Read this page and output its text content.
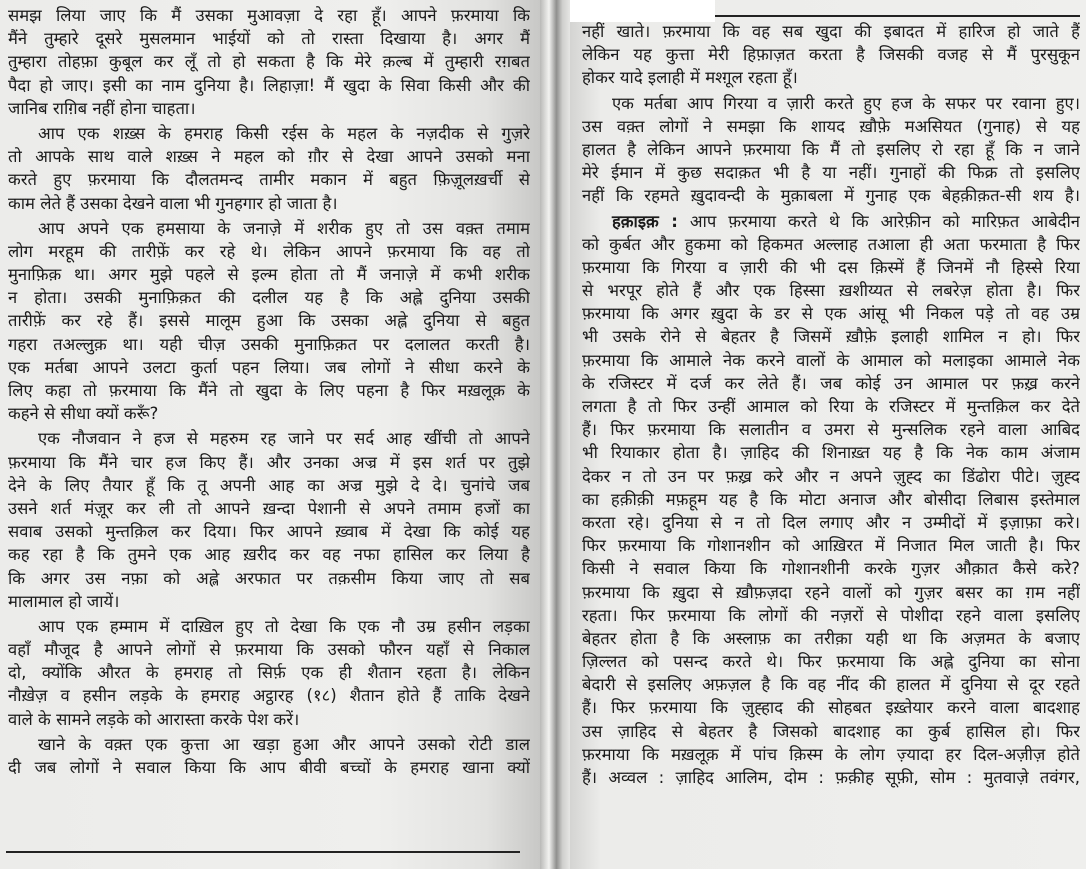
समझ लिया जाए कि मैं उसका मुआवज़ा दे रहा हूँ। आपने फ़रमाया कि
मैंने तुम्हारे दूसरे मुसलमान भाईयों को तो रास्ता दिखाया है। अगर मैं
तुम्हारा तोहफ़ा कुबूल कर लूँ तो हो सकता है कि मेरे क़ल्ब में तुम्हारी रग़बत
पैदा हो जाए। इसी का नाम दुनिया है। लिहाज़ा! मैं खुदा के सिवा किसी और की
जानिब राग़िब नहीं होना चाहता।
आप एक शख़्स के हमराह किसी रईस के महल के नज़दीक से गुज़रे
तो आपके साथ वाले शख़्स ने महल को ग़ौर से देखा आपने उसको मना
करते हुए फ़रमाया कि दौलतमन्द तामीर मकान में बहुत फ़िज़ूलख़र्ची से
काम लेते हैं उसका देखने वाला भी गुनहगार हो जाता है।
आप अपने एक हमसाया के जनाज़े में शरीक हुए तो उस वक़्त तमाम
लोग मरहूम की तारीफ़ें कर रहे थे। लेकिन आपने फ़रमाया कि वह तो
मुनाफ़िक़ था। अगर मुझे पहले से इल्म होता तो मैं जनाज़े में कभी शरीक
न होता। उसकी मुनाफ़िक़त की दलील यह है कि अह्ले दुनिया उसकी
तारीफ़ें कर रहे हैं। इससे मालूम हुआ कि उसका अह्ले दुनिया से बहुत
गहरा तअल्लुक़ था। यही चीज़ उसकी मुनाफ़िक़त पर दलालत करती है।
एक मर्तबा आपने उलटा कुर्ता पहन लिया। जब लोगों ने सीधा करने के
लिए कहा तो फ़रमाया कि मैंने तो खुदा के लिए पहना है फिर मख़लूक़ के
कहने से सीधा क्यों करूँ?
एक नौजवान ने हज से महरुम रह जाने पर सर्द आह खींची तो आपने
फ़रमाया कि मैंने चार हज किए हैं। और उनका अज्र में इस शर्त पर तुझे
देने के लिए तैयार हूँ कि तू अपनी आह का अज्र मुझे दे दे। चुनांचे जब
उसने शर्त मंज़ूर कर ली तो आपने ख़न्दा पेशानी से अपने तमाम हजों का
सवाब उसको मुन्तक़िल कर दिया। फिर आपने ख़्वाब में देखा कि कोई यह
कह रहा है कि तुमने एक आह ख़रीद कर वह नफा हासिल कर लिया है
कि अगर उस नफ़ा को अह्ले अरफात पर तक़सीम किया जाए तो सब
मालामाल हो जायें।
आप एक हम्माम में दाख़िल हुए तो देखा कि एक नौ उम्र हसीन लड़का
वहाँ मौजूद है आपने लोगों से फ़रमाया कि उसको फौरन यहाँ से निकाल
दो, क्योंकि औरत के हमराह तो सिर्फ़ एक ही शैतान रहता है। लेकिन
नौख़ेज़ व हसीन लड़के के हमराह अट्ठारह (१८) शैतान होते हैं ताकि देखने
वाले के सामने लड़के को आरास्ता करके पेश करें।
खाने के वक़्त एक कुत्ता आ खड़ा हुआ और आपने उसको रोटी डाल
दी जब लोगों ने सवाल किया कि आप बीवी बच्चों के हमराह खाना क्यों
नहीं खाते। फ़रमाया कि वह सब खुदा की इबादत में हारिज हो जाते हैं
लेकिन यह कुत्ता मेरी हिफ़ाज़त करता है जिसकी वजह से मैं पुरसुकून
होकर यादे इलाही में मश्ग़ूल रहता हूँ।
एक मर्तबा आप गिरया व ज़ारी करते हुए हज के सफर पर रवाना हुए।
उस वक़्त लोगों ने समझा कि शायद ख़ौफ़े मअसियत (गुनाह) से यह
हालत है लेकिन आपने फ़रमाया कि मैं तो इसलिए रो रहा हूँ कि न जाने
मेरे ईमान में कुछ सदाक़त भी है या नहीं। गुनाहों की फिक्र तो इसलिए
नहीं कि रहमते ख़ुदावन्दी के मुक़ाबला में गुनाह एक बेहक़ीक़त-सी शय है।
हक़ाइक़ : आप फ़रमाया करते थे कि आरेफ़ीन को मारिफ़त आबेदीन
को कुर्बत और हुकमा को हिकमत अल्लाह तआला ही अता फरमाता है फिर
फ़रमाया कि गिरया व ज़ारी की भी दस क़िस्में हैं जिनमें नौ हिस्से रिया
से भरपूर होते हैं और एक हिस्सा ख़शीय्यत से लबरेज़ होता है। फिर
फ़रमाया कि अगर ख़ुदा के डर से एक आंसू भी निकल पड़े तो वह उम्र
भी उसके रोने से बेहतर है जिसमें ख़ौफ़े इलाही शामिल न हो। फिर
फ़रमाया कि आमाले नेक करने वालों के आमाल को मलाइका आमाले नेक
के रजिस्टर में दर्ज कर लेते हैं। जब कोई उन आमाल पर फ़ख़्र करने
लगता है तो फिर उन्हीं आमाल को रिया के रजिस्टर में मुन्तक़िल कर देते
हैं। फिर फ़रमाया कि सलातीन व उमरा से मुन्सलिक रहने वाला आबिद
भी रियाकार होता है। ज़ाहिद की शिनाख़्त यह है कि नेक काम अंजाम
देकर न तो उन पर फ़ख़्र करे और न अपने ज़ुह्द का डिंढोरा पीटे। ज़ुह्द
का हक़ीक़ी मफ़हूम यह है कि मोटा अनाज और बोसीदा लिबास इस्तेमाल
करता रहे। दुनिया से न तो दिल लगाए और न उम्मीदों में इज़ाफ़ा करे।
फिर फ़रमाया कि गोशानशीन को आख़िरत में निजात मिल जाती है। फिर
किसी ने सवाल किया कि गोशानशीनी करके गुज़र औक़ात कैसे करे?
फ़रमाया कि ख़ुदा से ख़ौफ़ज़दा रहने वालों को गुज़र बसर का ग़म नहीं
रहता। फिर फ़रमाया कि लोगों की नज़रों से पोशीदा रहने वाला इसलिए
बेहतर होता है कि अस्लाफ़ का तरीक़ा यही था कि अज़मत के बजाए
ज़िल्लत को पसन्द करते थे। फिर फ़रमाया कि अह्ले दुनिया का सोना
बेदारी से इसलिए अफ़ज़ल है कि वह नींद की हालत में दुनिया से दूर रहते
हैं। फिर फ़रमाया कि ज़ुह्हाद की सोहबत इख़्तेयार करने वाला बादशाह
उस ज़ाहिद से बेहतर है जिसको बादशाह का कुर्ब हासिल हो। फिर
फ़रमाया कि मख़लूक़ में पांच क़िस्म के लोग ज़्यादा हर दिल-अज़ीज़ होते
हैं। अव्वल : ज़ाहिद आलिम, दोम : फ़क़ीह सूफ़ी, सोम : मुतवाज़े तवंगर,
